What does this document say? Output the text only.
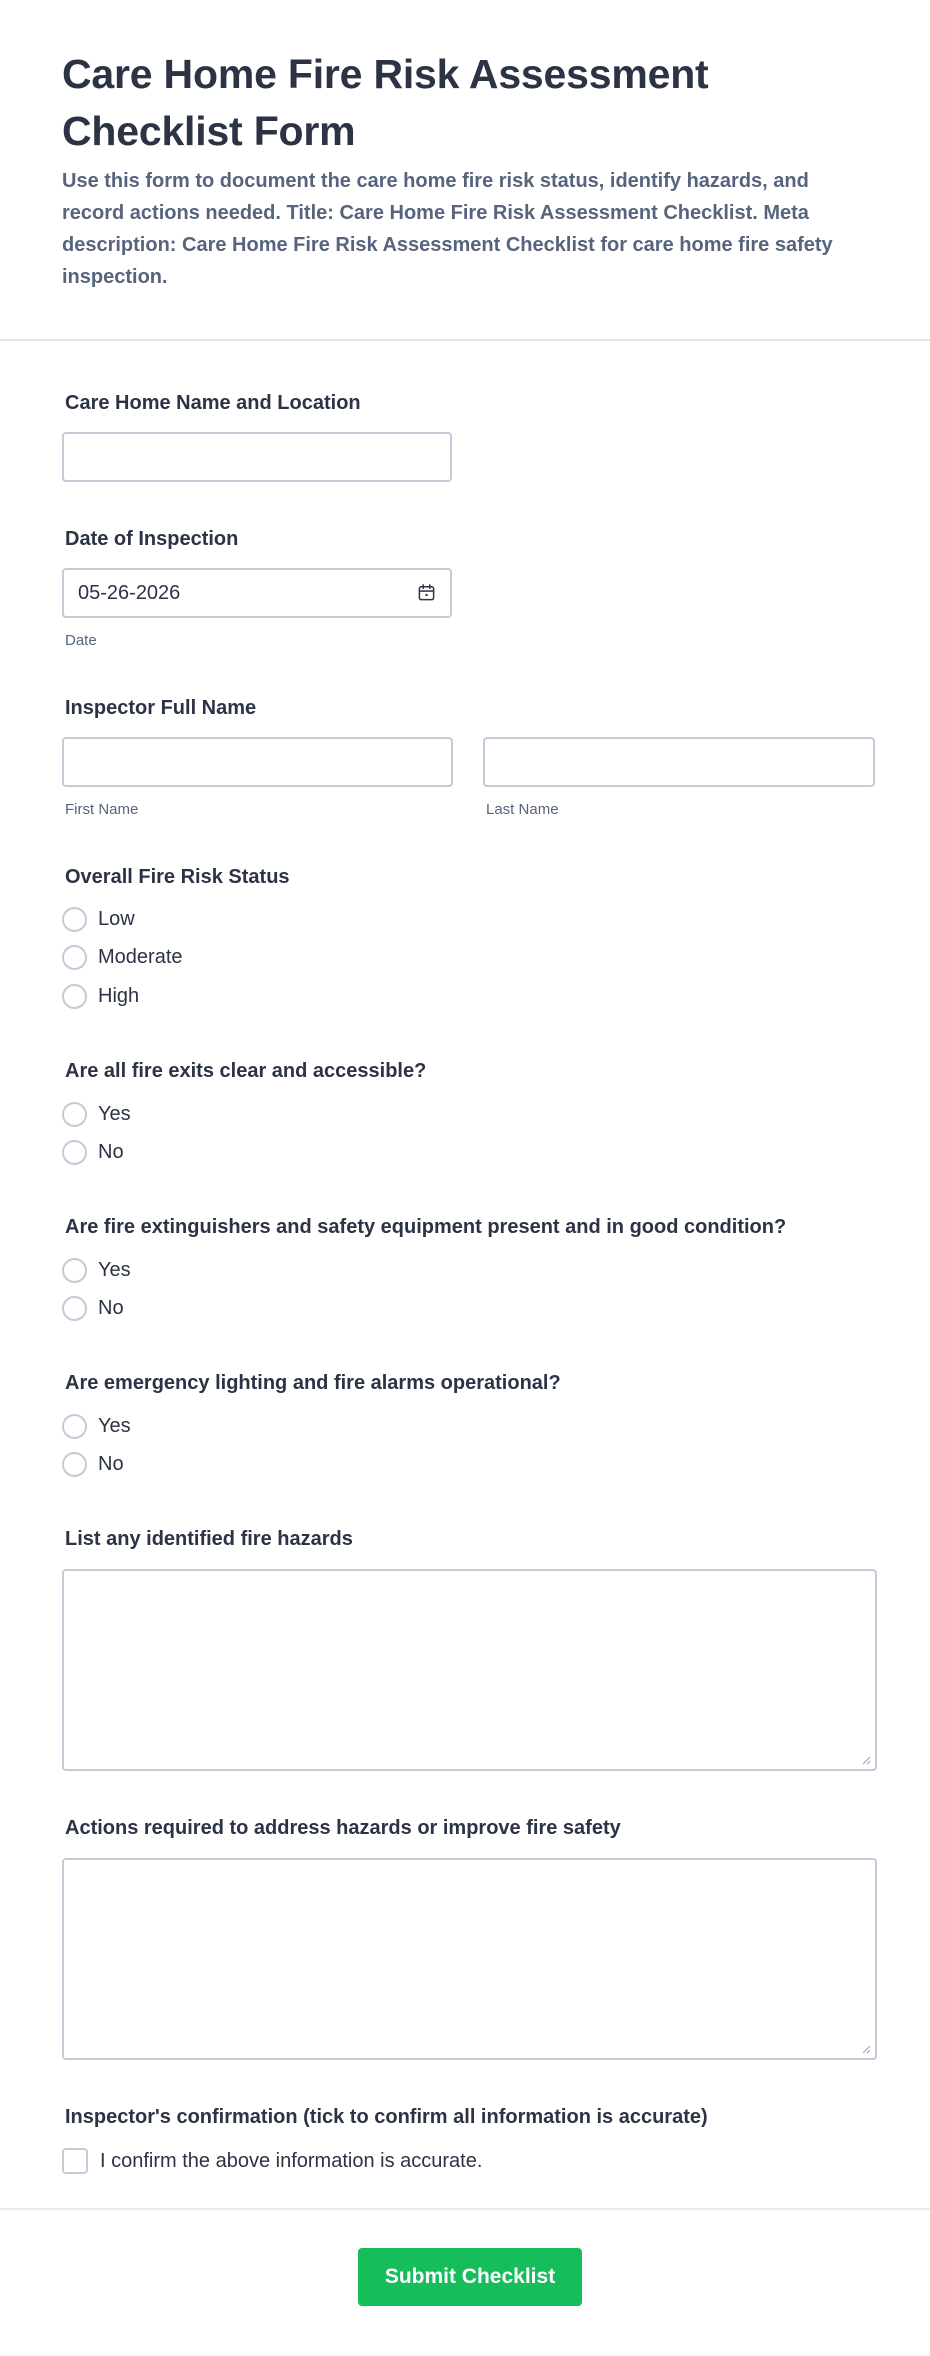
Care Home Fire Risk Assessment Checklist Form
Use this form to document the care home fire risk status, identify hazards, and record actions needed. Title: Care Home Fire Risk Assessment Checklist. Meta description: Care Home Fire Risk Assessment Checklist for care home fire safety inspection.
Care Home Name and Location
Date of Inspection
05-26-2026
Date
Inspector Full Name
First Name	Last Name
Overall Fire Risk Status
Low
Moderate
High
Are all fire exits clear and accessible?
Yes
No
Are fire extinguishers and safety equipment present and in good condition?
Yes
No
Are emergency lighting and fire alarms operational?
Yes
No
List any identified fire hazards
Actions required to address hazards or improve fire safety
Inspector's confirmation (tick to confirm all information is accurate)
I confirm the above information is accurate.
Submit Checklist
